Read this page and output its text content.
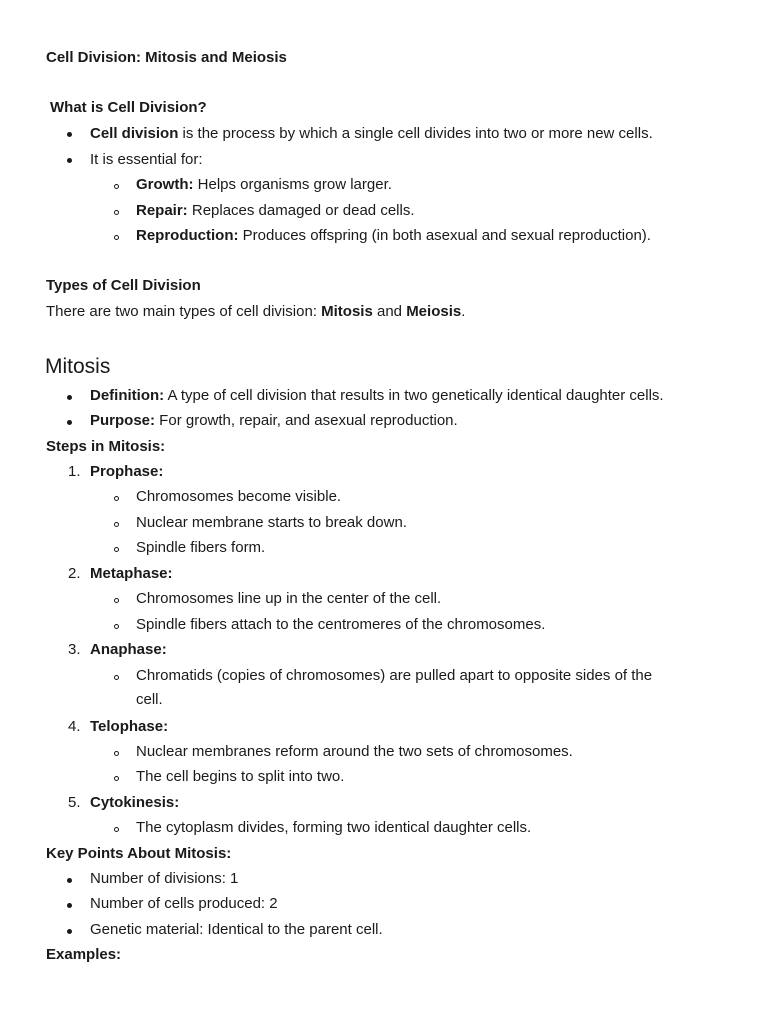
Cell Division: Mitosis and Meiosis
What is Cell Division?
Cell division is the process by which a single cell divides into two or more new cells.
It is essential for:
Growth: Helps organisms grow larger.
Repair: Replaces damaged or dead cells.
Reproduction: Produces offspring (in both asexual and sexual reproduction).
Types of Cell Division
There are two main types of cell division: Mitosis and Meiosis.
Mitosis
Definition: A type of cell division that results in two genetically identical daughter cells.
Purpose: For growth, repair, and asexual reproduction.
Steps in Mitosis:
1. Prophase:
Chromosomes become visible.
Nuclear membrane starts to break down.
Spindle fibers form.
2. Metaphase:
Chromosomes line up in the center of the cell.
Spindle fibers attach to the centromeres of the chromosomes.
3. Anaphase:
Chromatids (copies of chromosomes) are pulled apart to opposite sides of the
cell.
4. Telophase:
Nuclear membranes reform around the two sets of chromosomes.
The cell begins to split into two.
5. Cytokinesis:
The cytoplasm divides, forming two identical daughter cells.
Key Points About Mitosis:
Number of divisions: 1
Number of cells produced: 2
Genetic material: Identical to the parent cell.
Examples:
